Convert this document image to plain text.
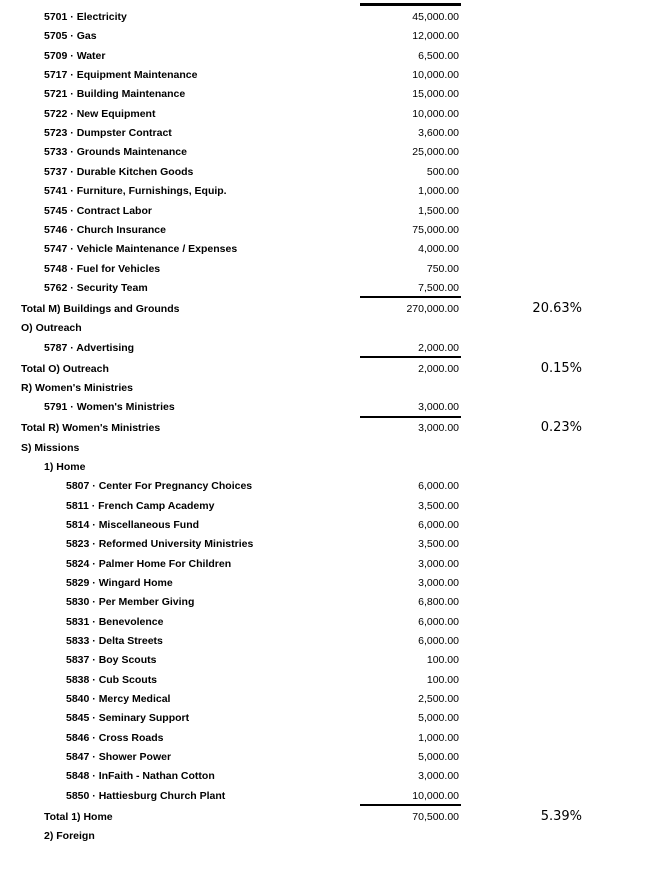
5701 · Electricity	45,000.00
5705 · Gas	12,000.00
5709 · Water	6,500.00
5717 · Equipment Maintenance	10,000.00
5721 · Building Maintenance	15,000.00
5722 · New Equipment	10,000.00
5723 · Dumpster Contract	3,600.00
5733 · Grounds Maintenance	25,000.00
5737 · Durable Kitchen Goods	500.00
5741 · Furniture, Furnishings, Equip.	1,000.00
5745 · Contract Labor	1,500.00
5746 · Church Insurance	75,000.00
5747 · Vehicle Maintenance / Expenses	4,000.00
5748 · Fuel for Vehicles	750.00
5762 · Security Team	7,500.00
Total M) Buildings and Grounds	270,000.00	20.63%
O) Outreach
5787 · Advertising	2,000.00
Total O) Outreach	2,000.00	0.15%
R) Women's Ministries
5791 · Women's Ministries	3,000.00
Total R) Women's Ministries	3,000.00	0.23%
S) Missions
1) Home
5807 · Center For Pregnancy Choices	6,000.00
5811 · French Camp Academy	3,500.00
5814 · Miscellaneous Fund	6,000.00
5823 · Reformed University Ministries	3,500.00
5824 · Palmer Home For Children	3,000.00
5829 · Wingard Home	3,000.00
5830 · Per Member Giving	6,800.00
5831 · Benevolence	6,000.00
5833 · Delta Streets	6,000.00
5837 · Boy Scouts	100.00
5838 · Cub Scouts	100.00
5840 · Mercy Medical	2,500.00
5845 · Seminary Support	5,000.00
5846 · Cross Roads	1,000.00
5847 · Shower Power	5,000.00
5848 · InFaith - Nathan Cotton	3,000.00
5850 · Hattiesburg Church Plant	10,000.00
Total 1) Home	70,500.00	5.39%
2) Foreign
